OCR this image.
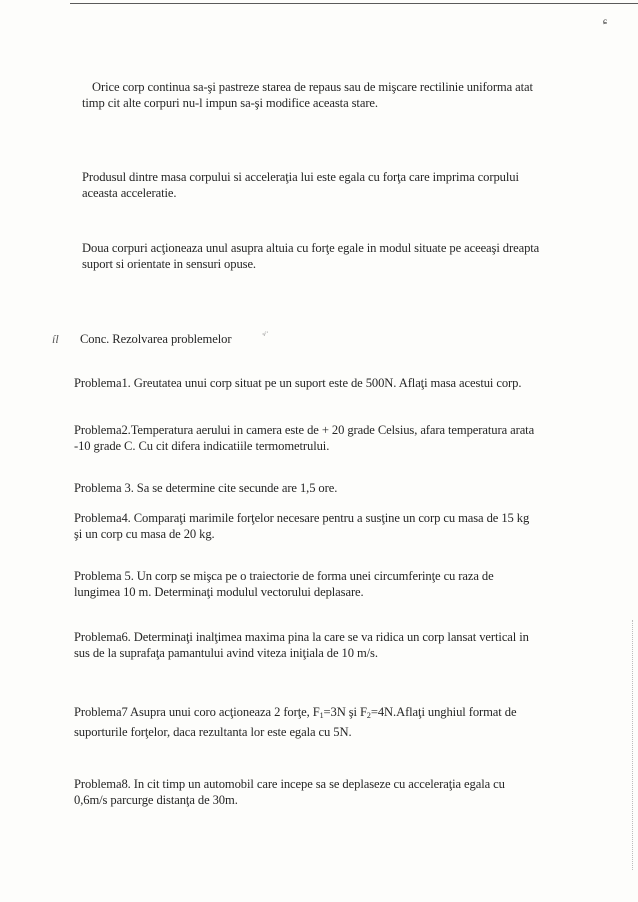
ɕ
Orice corp continua sa-şi pastreze starea de repaus sau de mişcare rectilinie uniforma atat
timp cit alte corpuri nu-l impun sa-şi modifice aceasta stare.
Produsul dintre masa corpului si acceleraţia lui este egala cu forţa care imprima corpului
aceasta acceleratie.
Doua corpuri acţioneaza unul asupra altuia cu forţe egale in modul situate pe aceeaşi dreapta
suport si orientate in sensuri opuse.
íl Conc. Rezolvarea problemelor	·ʲ˙
Problema1. Greutatea unui corp situat pe un suport este de 500N. Aflaţi masa acestui corp.
Problema2.Temperatura aerului in camera este de + 20 grade Celsius, afara temperatura arata
-10 grade C. Cu cit difera indicatiile termometrului.
Problema 3. Sa se determine cite secunde are 1,5 ore.
Problema4. Comparaţi marimile forţelor necesare pentru a susţine un corp cu masa de 15 kg
şi un corp cu masa de 20 kg.
Problema 5. Un corp se mişca pe o traiectorie de forma unei circumferinţe cu raza de
lungimea 10 m. Determinaţi modulul vectorului deplasare.
Problema6. Determinaţi inalţimea maxima pina la care se va ridica un corp lansat vertical in
sus de la suprafaţa pamantului avind viteza iniţiala de 10 m/s.
Problema7 Asupra unui coro acţioneaza 2 forţe, $F_1=3N$ şi $F_2=4N.Aflaţi$ unghiul format de
suporturile forţelor, daca rezultanta lor este egala cu 5N.
Problema8. In cit timp un automobil care incepe sa se deplaseze cu acceleraţia egala cu
0,6m/s parcurge distanţa de 30m.
